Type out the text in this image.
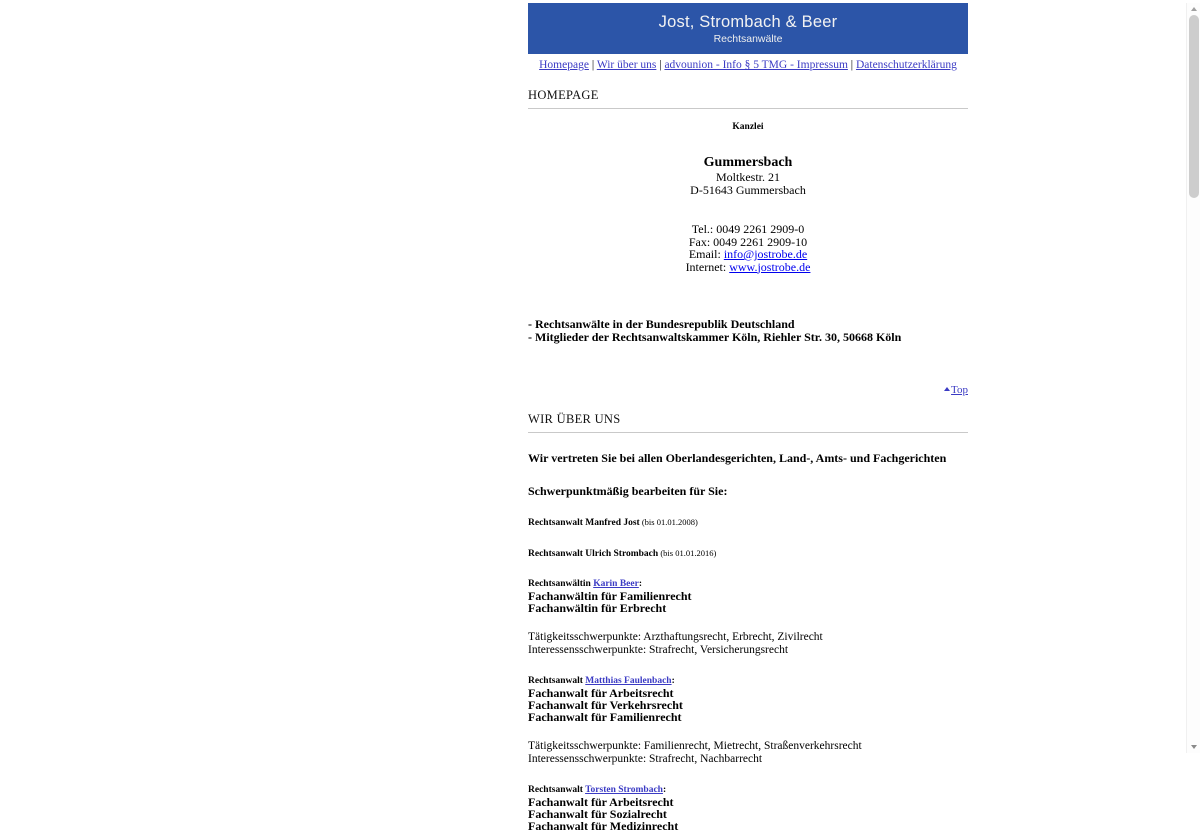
Jost, Strombach & Beer
Rechtsanwälte
Homepage | Wir über uns | advounion - Info § 5 TMG - Impressum | Datenschutzerklärung
HOMEPAGE
Kanzlei
Gummersbach
Moltkestr. 21
D-51643 Gummersbach
Tel.: 0049 2261 2909-0
Fax: 0049 2261 2909-10
Email: info@jostrobe.de
Internet: www.jostrobe.de
- Rechtsanwälte in der Bundesrepublik Deutschland
- Mitglieder der Rechtsanwaltskammer Köln, Riehler Str. 30, 50668 Köln
Top
WIR ÜBER UNS
Wir vertreten Sie bei allen Oberlandesgerichten, Land-, Amts- und Fachgerichten
Schwerpunktmäßig bearbeiten für Sie:
Rechtsanwalt Manfred Jost (bis 01.01.2008)
Rechtsanwalt Ulrich Strombach (bis 01.01.2016)
Rechtsanwältin Karin Beer:
Fachanwältin für Familienrecht
Fachanwältin für Erbrecht
Tätigkeitsschwerpunkte: Arzthaftungsrecht, Erbrecht, Zivilrecht
Interessensschwerpunkte: Strafrecht, Versicherungsrecht
Rechtsanwalt Matthias Faulenbach:
Fachanwalt für Arbeitsrecht
Fachanwalt für Verkehrsrecht
Fachanwalt für Familienrecht
Tätigkeitsschwerpunkte: Familienrecht, Mietrecht, Straßenverkehrsrecht
Interessensschwerpunkte: Strafrecht, Nachbarrecht
Rechtsanwalt Torsten Strombach:
Fachanwalt für Arbeitsrecht
Fachanwalt für Sozialrecht
Fachanwalt für Medizinrecht
